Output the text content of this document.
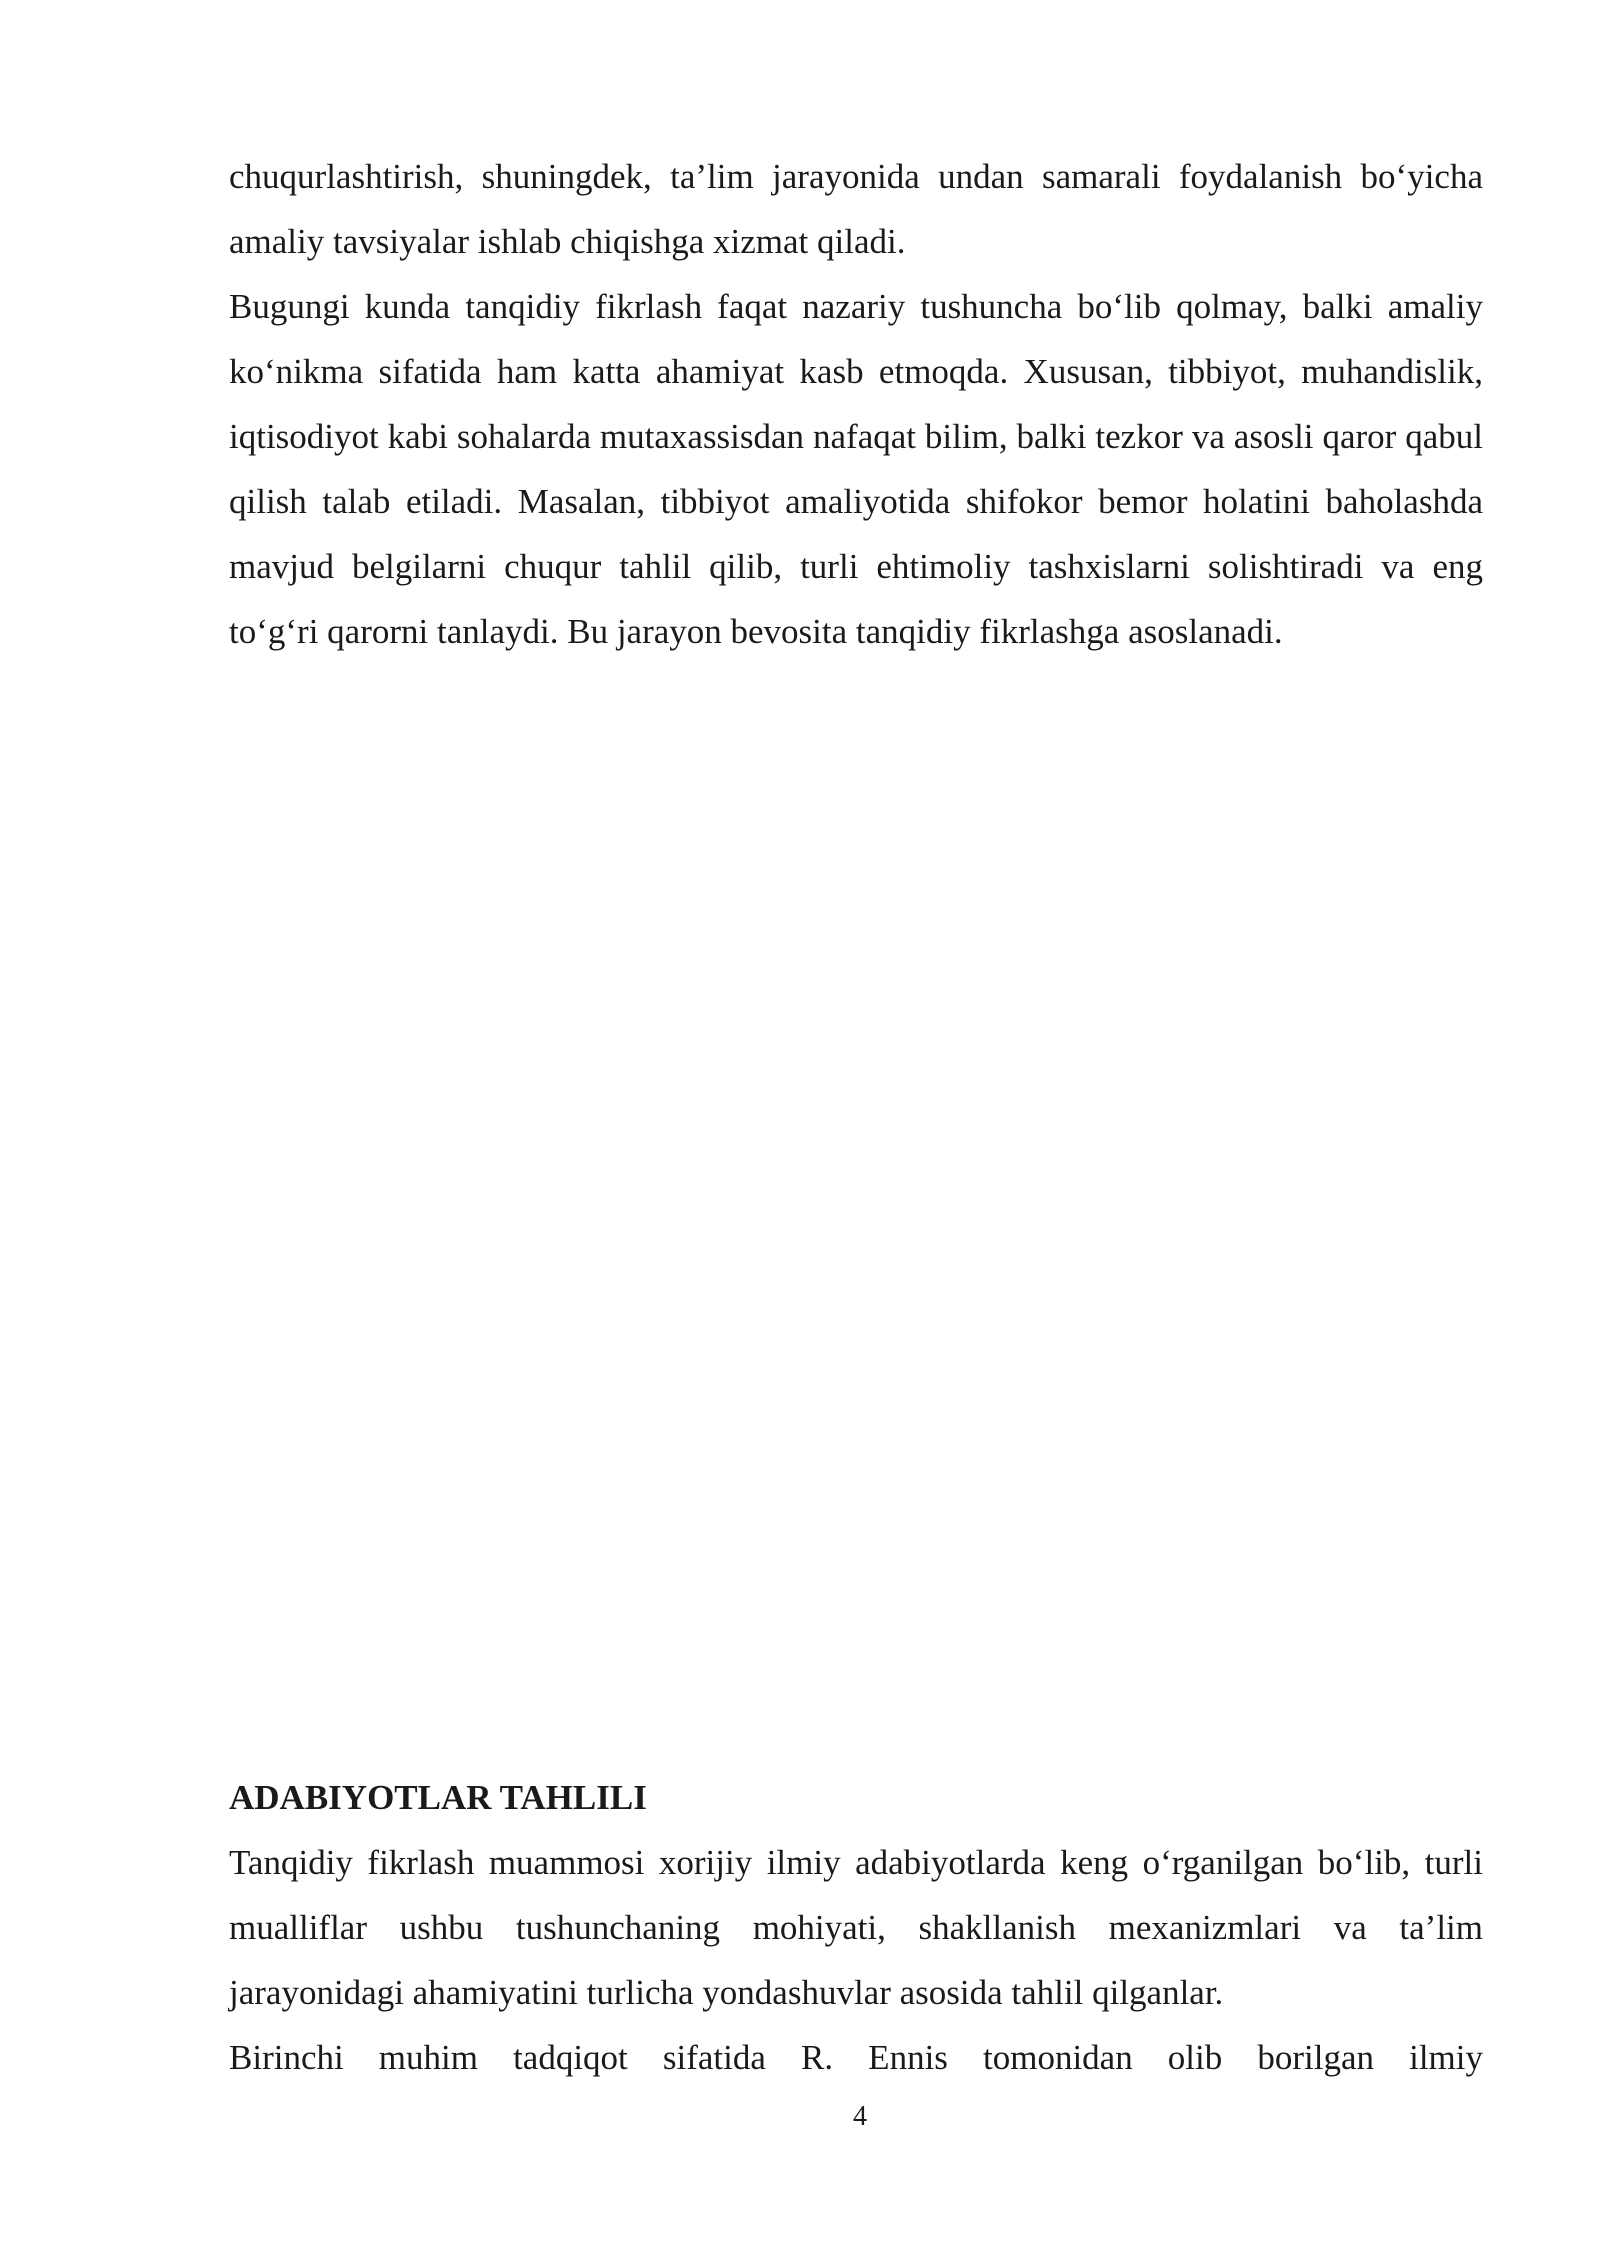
chuqurlashtirish, shuningdek, ta’lim jarayonida undan samarali foydalanish bo‘yicha amaliy tavsiyalar ishlab chiqishga xizmat qiladi.

Bugungi kunda tanqidiy fikrlash faqat nazariy tushuncha bo‘lib qolmay, balki amaliy ko‘nikma sifatida ham katta ahamiyat kasb etmoqda. Xususan, tibbiyot, muhandislik, iqtisodiyot kabi sohalarda mutaxassisdan nafaqat bilim, balki tezkor va asosli qaror qabul qilish talab etiladi. Masalan, tibbiyot amaliyotida shifokor bemor holatini baholashda mavjud belgilarni chuqur tahlil qilib, turli ehtimoliy tashxislarni solishtiradi va eng to‘g‘ri qarorni tanlaydi. Bu jarayon bevosita tanqidiy fikrlashga asoslanadi.

ADABIYOTLAR TAHLILI

Tanqidiy fikrlash muammosi xorijiy ilmiy adabiyotlarda keng o‘rganilgan bo‘lib, turli mualliflar ushbu tushunchaning mohiyati, shakllanish mexanizmlari va ta’lim jarayonidagi ahamiyatini turlicha yondashuvlar asosida tahlil qilganlar.

Birinchi muhim tadqiqot sifatida R. Ennis tomonidan olib borilgan ilmiy

4
